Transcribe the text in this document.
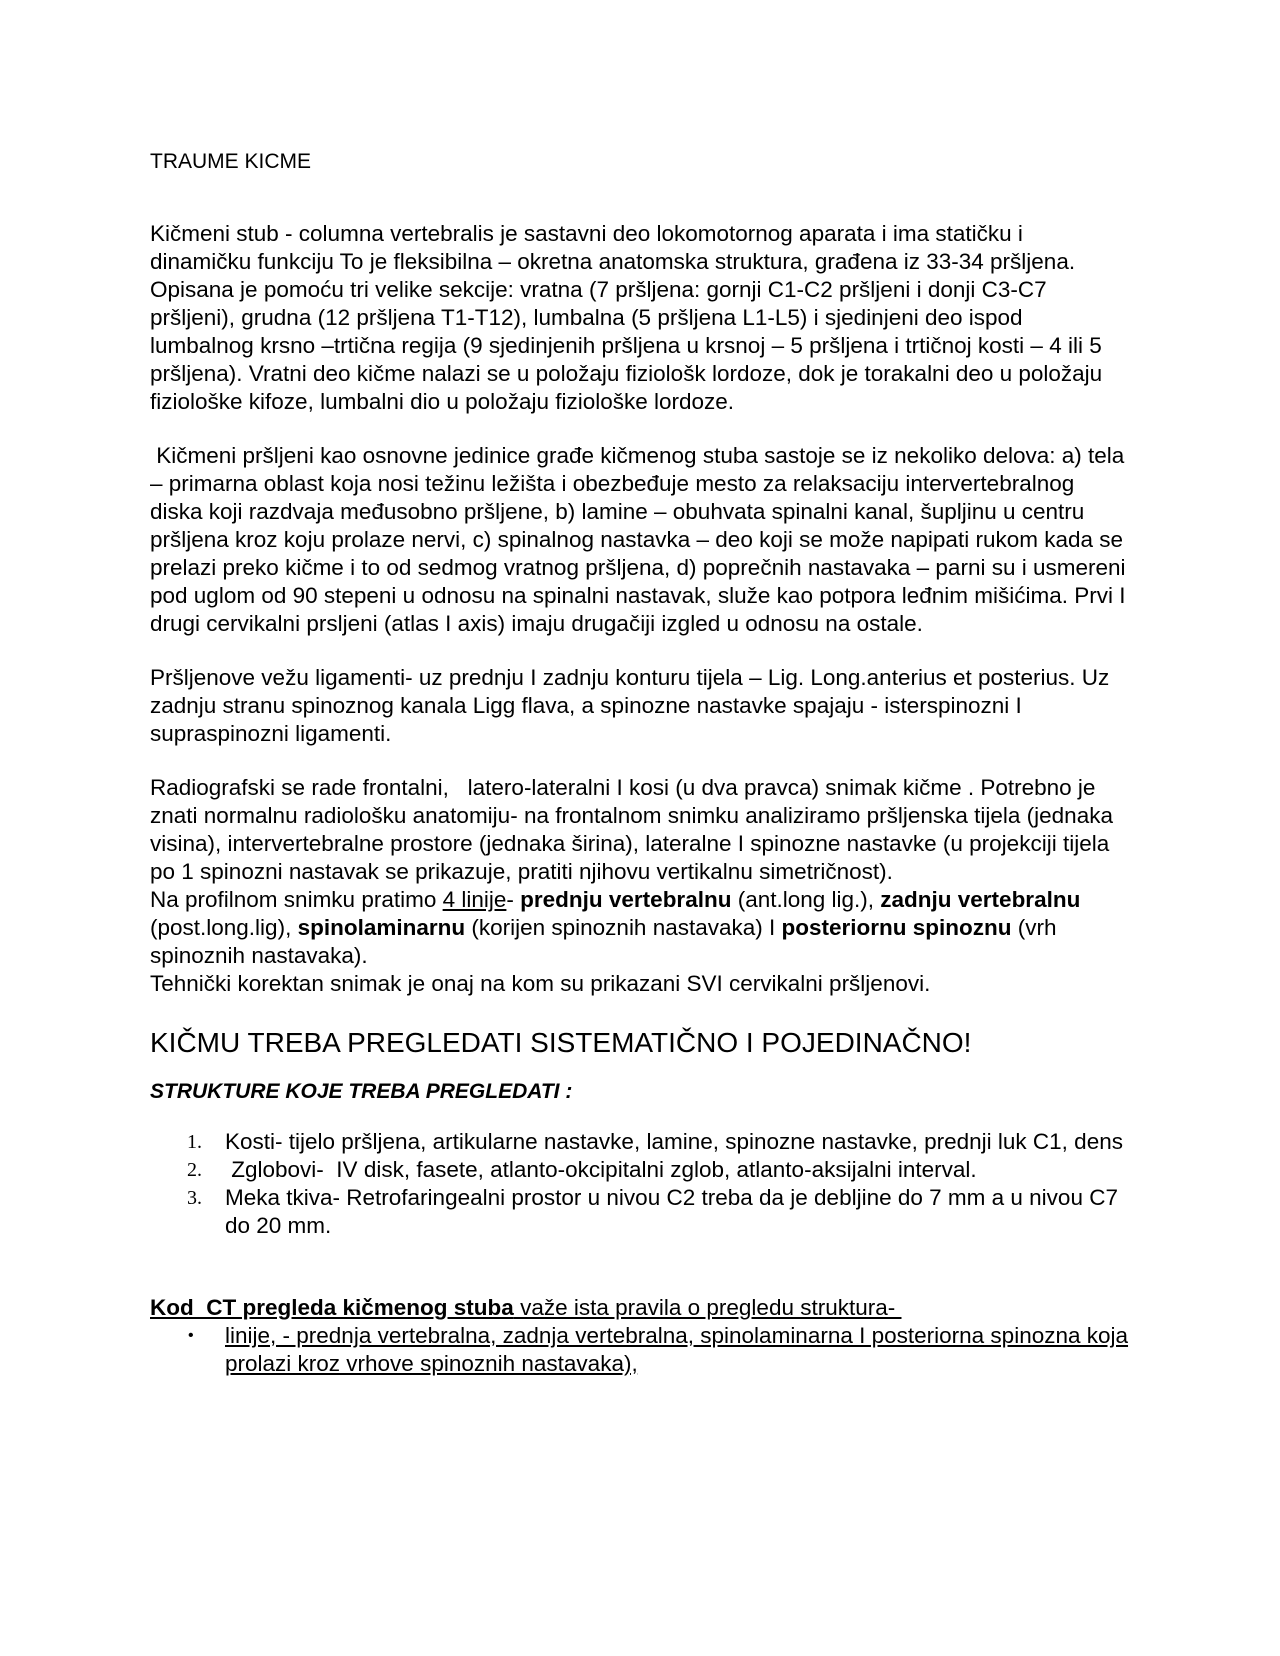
TRAUME KICME

Kičmeni stub - columna vertebralis je sastavni deo lokomotornog aparata i ima statičku i dinamičku funkciju To je fleksibilna – okretna anatomska struktura, građena iz 33-34 pršljena. Opisana je pomoću tri velike sekcije: vratna (7 pršljena: gornji C1-C2 pršljeni i donji C3-C7 pršljeni), grudna (12 pršljena T1-T12), lumbalna (5 pršljena L1-L5) i sjedinjeni deo ispod lumbalnog krsno –trtična regija (9 sjedinjenih pršljena u krsnoj – 5 pršljena i trtičnoj kosti – 4 ili 5 pršljena). Vratni deo kičme nalazi se u položaju fiziološk lordoze, dok je torakalni deo u položaju fiziološke kifoze, lumbalni dio u položaju fiziološke lordoze.

Kičmeni pršljeni kao osnovne jedinice građe kičmenog stuba sastoje se iz nekoliko delova: a) tela – primarna oblast koja nosi težinu ležišta i obezbeđuje mesto za relaksaciju intervertebralnog diska koji razdvaja međusobno pršljene, b) lamine – obuhvata spinalni kanal, šupljinu u centru pršljena kroz koju prolaze nervi, c) spinalnog nastavka – deo koji se može napipati rukom kada se prelazi preko kičme i to od sedmog vratnog pršljena, d) poprečnih nastavaka – parni su i usmereni pod uglom od 90 stepeni u odnosu na spinalni nastavak, služe kao potpora leđnim mišićima. Prvi I drugi cervikalni prsljeni (atlas I axis) imaju drugačiji izgled u odnosu na ostale.

Pršljenove vežu ligamenti- uz prednju I zadnju konturu tijela – Lig. Long.anterius et posterius. Uz zadnju stranu spinoznog kanala Ligg flava, a spinozne nastavke spajaju - isterspinozni I supraspinozni ligamenti.

Radiografski se rade frontalni,   latero-lateralni I kosi (u dva pravca) snimak kičme . Potrebno je znati normalnu radiološku anatomiju- na frontalnom snimku analiziramo pršljenska tijela (jednaka visina), intervertebralne prostore (jednaka širina), lateralne I spinozne nastavke (u projekciji tijela po 1 spinozni nastavak se prikazuje, pratiti njihovu vertikalnu simetričnost).

Na profilnom snimku pratimo 4 linije- prednju vertebralnu (ant.long lig.), zadnju vertebralnu (post.long.lig), spinolaminarnu (korijen spinoznih nastavaka) I posteriornu spinoznu (vrh spinoznih nastavaka).

Tehnički korektan snimak je onaj na kom su prikazani SVI cervikalni pršljenovi.

KIČMU TREBA PREGLEDATI SISTEMATIČNO I POJEDINAČNO!
STRUKTURE KOJE TREBA PREGLEDATI :
1. Kosti- tijelo pršljena, artikularne nastavke, lamine, spinozne nastavke, prednji luk C1, dens
2. Zglobovi-  IV disk, fasete, atlanto-okcipitalni zglob, atlanto-aksijalni interval.
3. Meka tkiva- Retrofaringealni prostor u nivou C2 treba da je debljine do 7 mm a u nivou C7 do 20 mm.

Kod  CT pregleda kičmenog stuba važe ista pravila o pregledu struktura-

• linije, - prednja vertebralna, zadnja vertebralna, spinolaminarna I posteriorna spinozna koja prolazi kroz vrhove spinoznih nastavaka),
